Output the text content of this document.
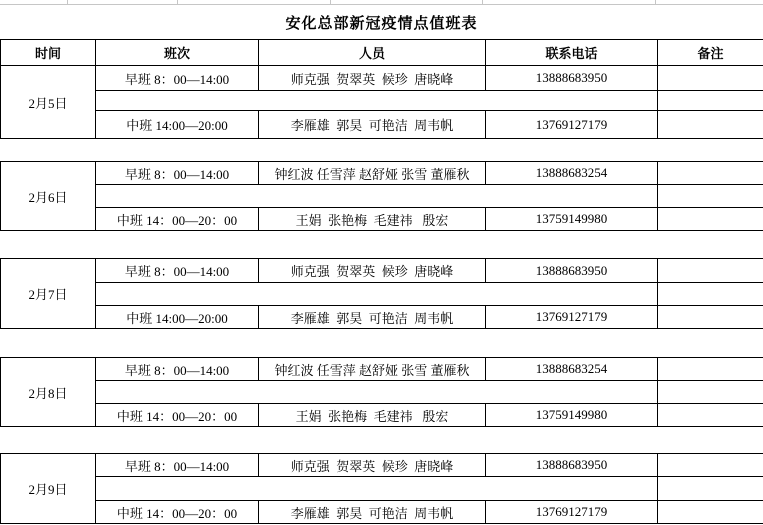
安化总部新冠疫情点值班表
时间	班次	人员	联系电话	备注
2月5日	早班 8：00—14:00	师克强  贺翠英  候珍  唐晓峰	13888683950	

	中班 14:00—20:00	李雁雄  郭昊  可艳洁  周韦帆	13769127179	
2月6日	早班 8：00—14:00	钟红波 任雪萍 赵舒娅 张雪 董雁秋	13888683254	

	中班 14：00—20：00	王娟  张艳梅  毛建祎   殷宏	13759149980	
2月7日	早班 8：00—14:00	师克强  贺翠英  候珍  唐晓峰	13888683950	

	中班 14:00—20:00	李雁雄  郭昊  可艳洁  周韦帆	13769127179	
2月8日	早班 8：00—14:00	钟红波 任雪萍 赵舒娅 张雪 董雁秋	13888683254	

	中班 14：00—20：00	王娟  张艳梅  毛建祎   殷宏	13759149980	
2月9日	早班 8：00—14:00	师克强  贺翠英  候珍  唐晓峰	13888683950	

	中班 14：00—20：00	李雁雄  郭昊  可艳洁  周韦帆	13769127179	
